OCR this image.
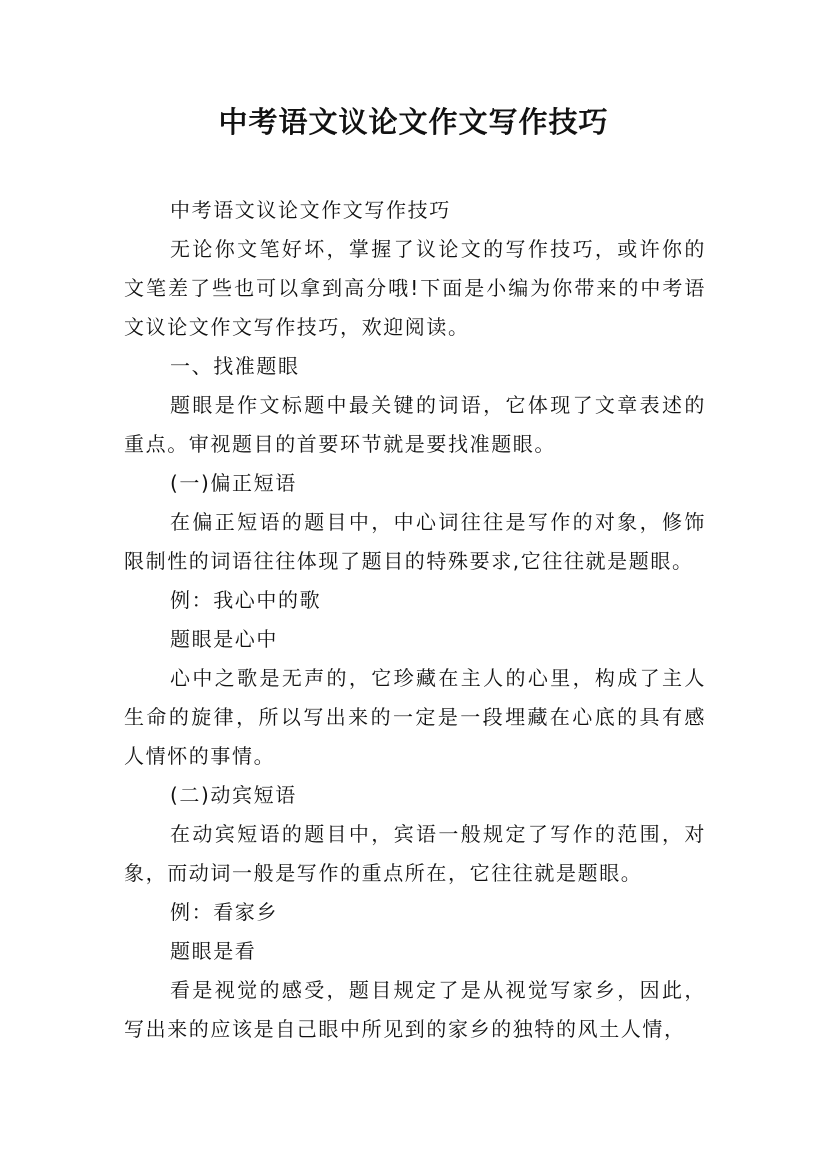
中考语文议论文作文写作技巧

中考语文议论文作文写作技巧

无论你文笔好坏，掌握了议论文的写作技巧，或许你的文笔差了些也可以拿到高分哦!下面是小编为你带来的中考语文议论文作文写作技巧，欢迎阅读。

一、找准题眼

题眼是作文标题中最关键的词语，它体现了文章表述的重点。审视题目的首要环节就是要找准题眼。

(一)偏正短语

在偏正短语的题目中，中心词往往是写作的对象，修饰限制性的词语往往体现了题目的特殊要求,它往往就是题眼。

例：我心中的歌

题眼是心中

心中之歌是无声的，它珍藏在主人的心里，构成了主人生命的旋律，所以写出来的一定是一段埋藏在心底的具有感人情怀的事情。

(二)动宾短语

在动宾短语的题目中，宾语一般规定了写作的范围，对象，而动词一般是写作的重点所在，它往往就是题眼。

例：看家乡

题眼是看

看是视觉的感受，题目规定了是从视觉写家乡，因此，写出来的应该是自己眼中所见到的家乡的独特的风土人情，
